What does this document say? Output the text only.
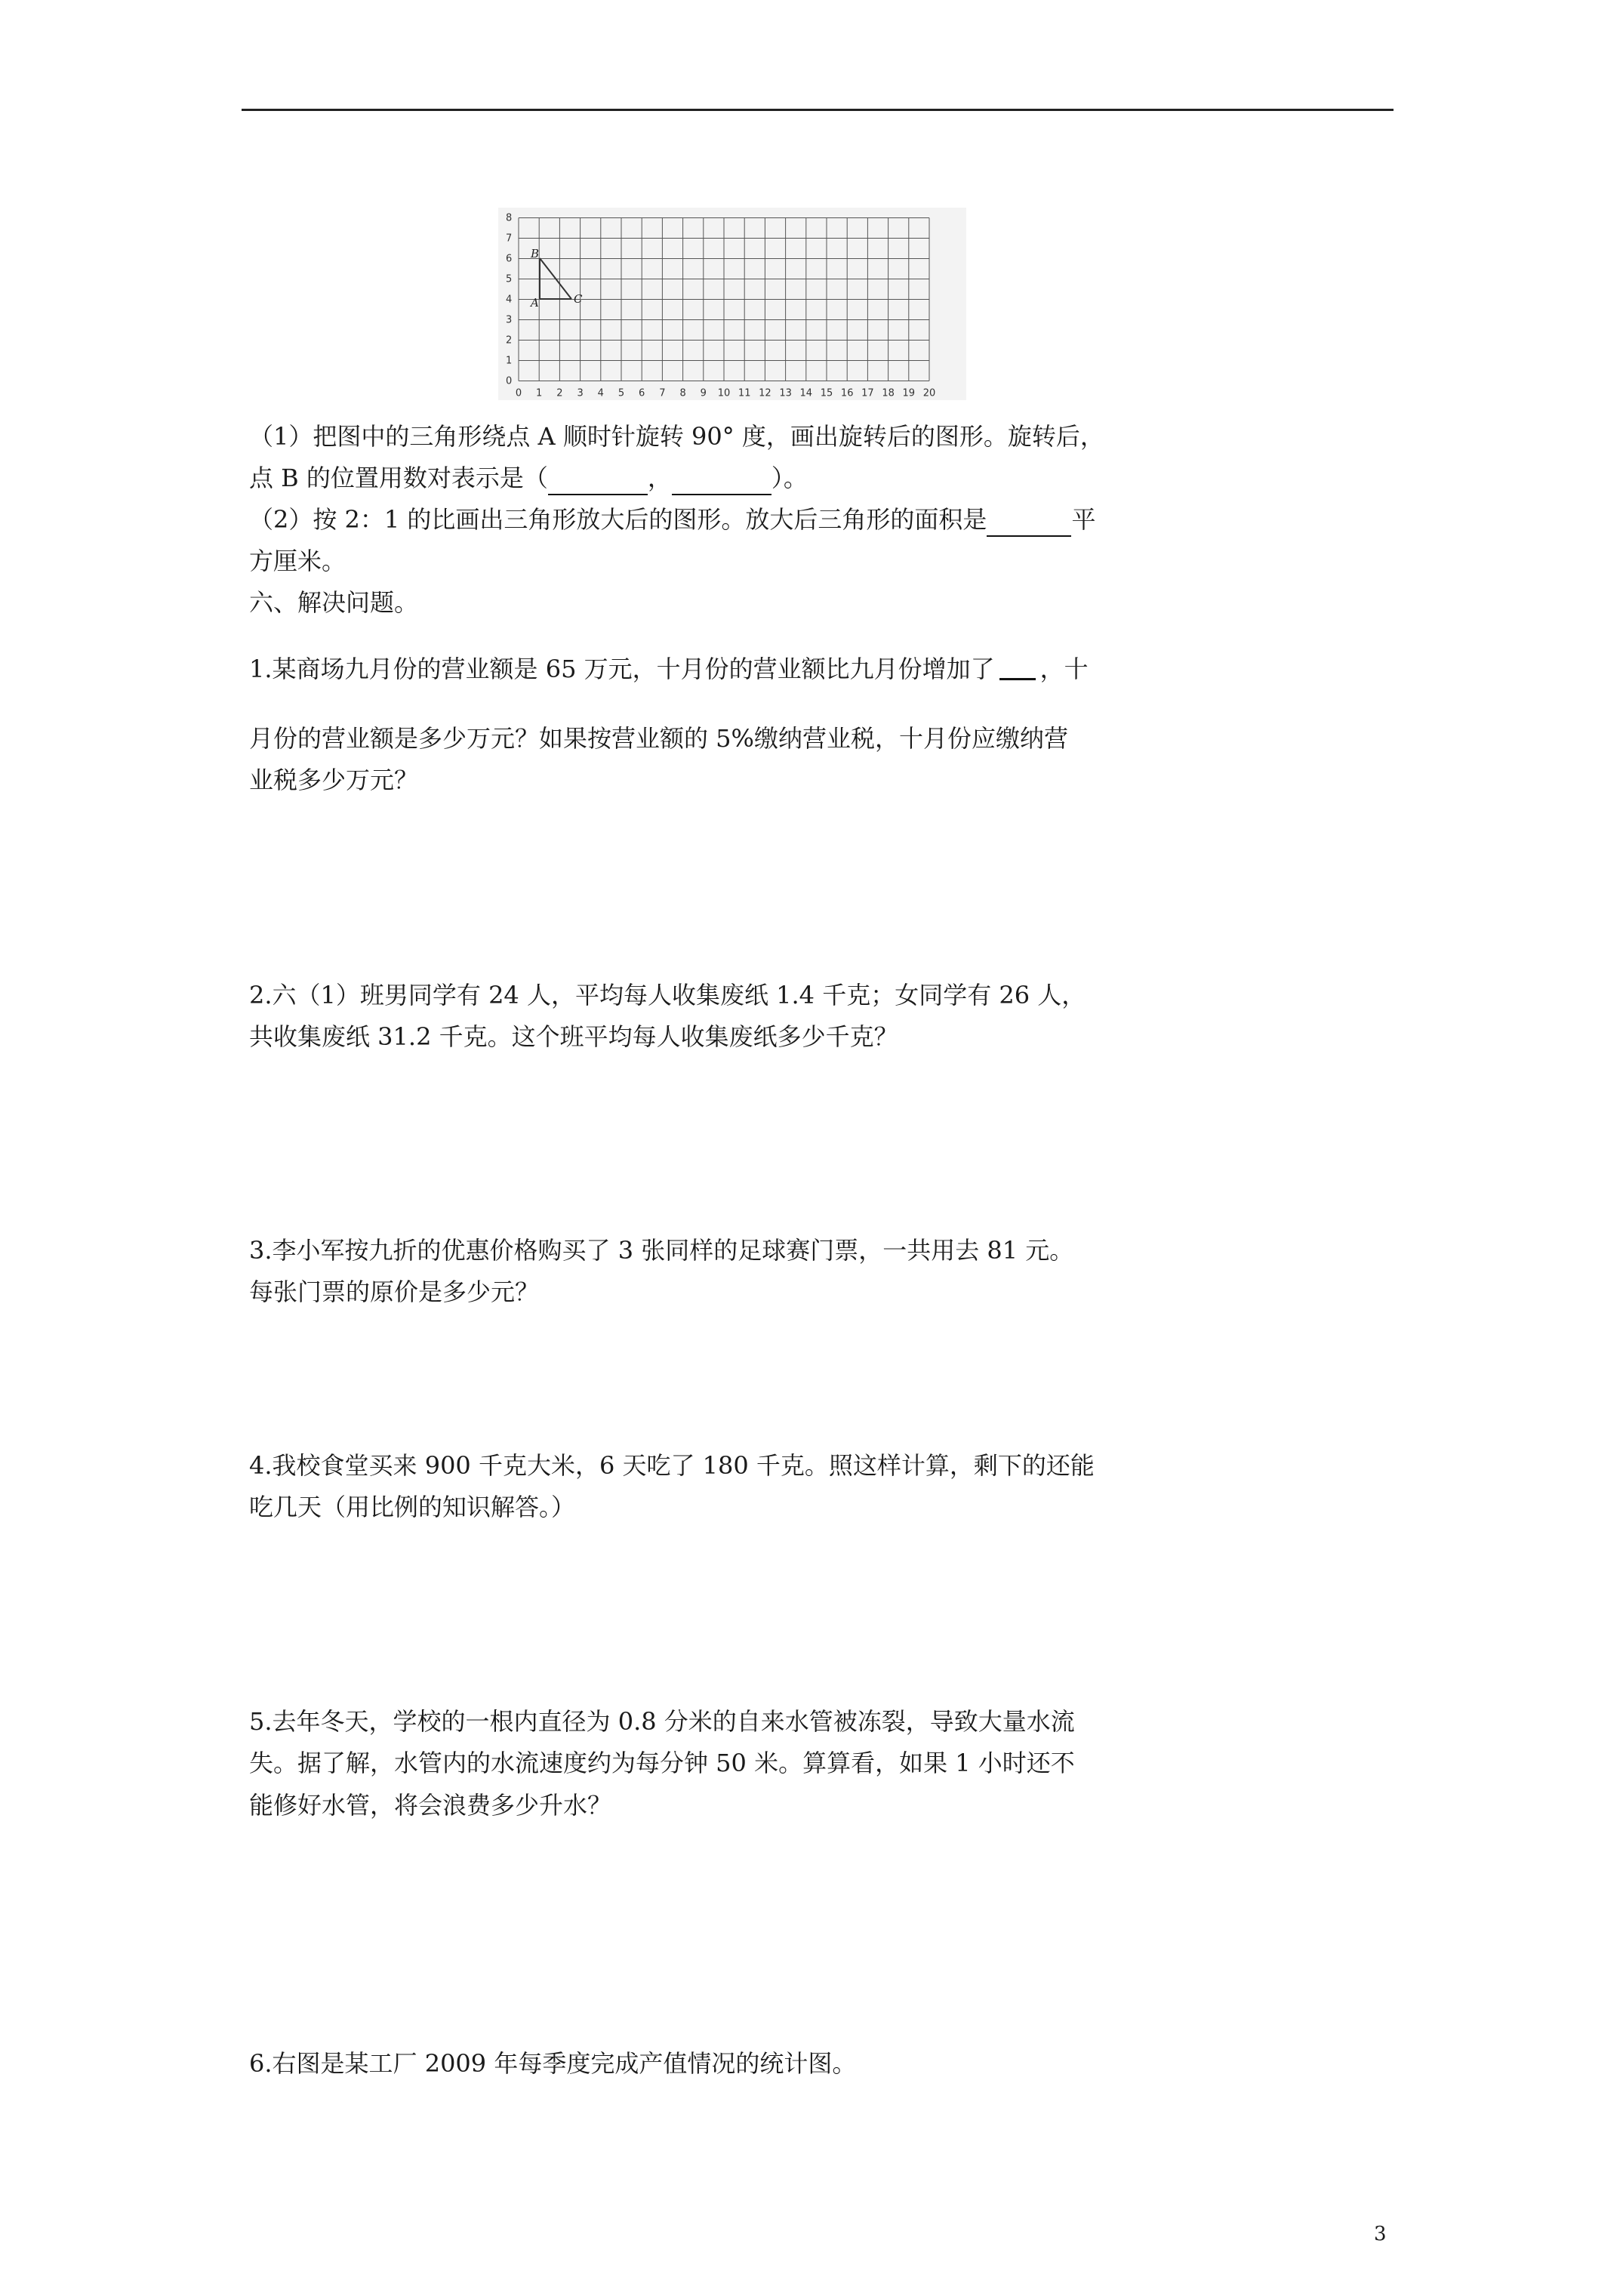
0
1
2
3
4
5
6
7
8
0 1 2 3 4 5 6 7 8 9 10 11 12 13 14 15 16 17 18 19 20
A
B
C
（1）把图中的三角形绕点 A 顺时针旋转 90° 度，画出旋转后的图形。旋转后，
点 B 的位置用数对表示是（	，	）。
（2）按 2：1 的比画出三角形放大后的图形。放大后三角形的面积是	平
方厘米。
六、解决问题。
1.某商场九月份的营业额是 65 万元，十月份的营业额比九月份增加了 ，十
月份的营业额是多少万元？如果按营业额的 5%缴纳营业税，十月份应缴纳营
业税多少万元？
2.六（1）班男同学有 24 人，平均每人收集废纸 1.4 千克；女同学有 26 人，
共收集废纸 31.2 千克。这个班平均每人收集废纸多少千克？
3.李小军按九折的优惠价格购买了 3 张同样的足球赛门票，一共用去 81 元。
每张门票的原价是多少元？
4.我校食堂买来 900 千克大米，6 天吃了 180 千克。照这样计算，剩下的还能
吃几天（用比例的知识解答。）
5.去年冬天，学校的一根内直径为 0.8 分米的自来水管被冻裂，导致大量水流
失。据了解，水管内的水流速度约为每分钟 50 米。算算看，如果 1 小时还不
能修好水管，将会浪费多少升水？
6.右图是某工厂 2009 年每季度完成产值情况的统计图。
3
